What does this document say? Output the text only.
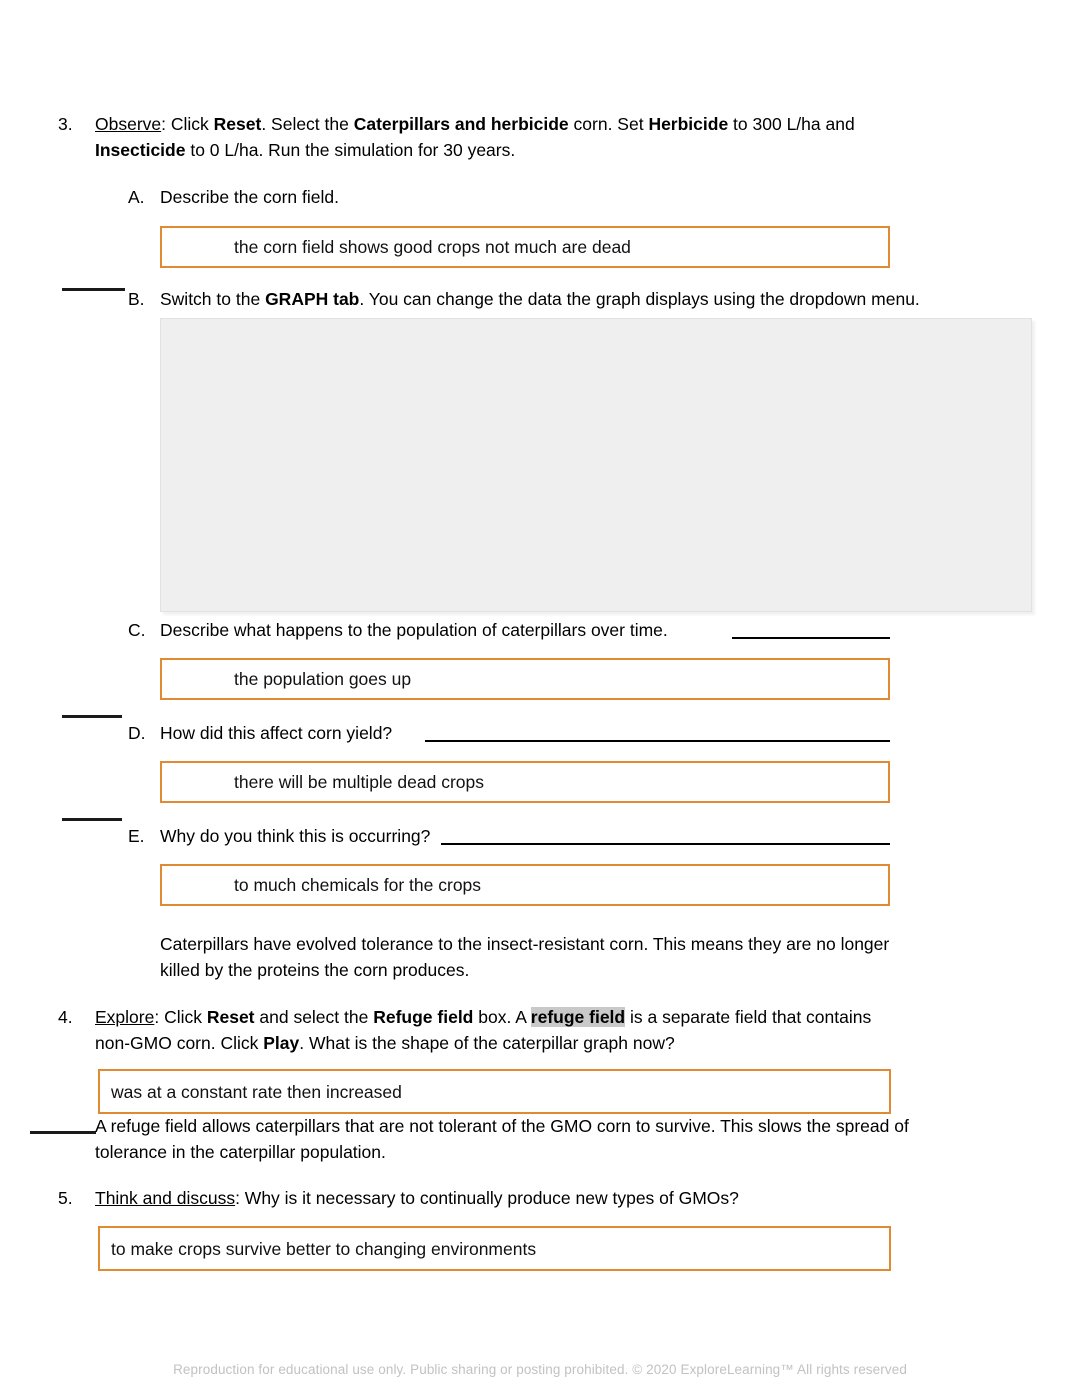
3. Observe: Click Reset. Select the Caterpillars and herbicide corn. Set Herbicide to 300 L/ha and
Insecticide to 0 L/ha. Run the simulation for 30 years.
A. Describe the corn field.
the corn field shows good crops not much are dead
B. Switch to the GRAPH tab. You can change the data the graph displays using the dropdown menu.
C. Describe what happens to the population of caterpillars over time.
the population goes up
D. How did this affect corn yield?
there will be multiple dead crops
E. Why do you think this is occurring?
to much chemicals for the crops
Caterpillars have evolved tolerance to the insect-resistant corn. This means they are no longer
killed by the proteins the corn produces.
4. Explore: Click Reset and select the Refuge field box. A refuge field is a separate field that contains
non-GMO corn. Click Play. What is the shape of the caterpillar graph now?
was at a constant rate then increased
A refuge field allows caterpillars that are not tolerant of the GMO corn to survive. This slows the spread of
tolerance in the caterpillar population.
5. Think and discuss: Why is it necessary to continually produce new types of GMOs?
to make crops survive better to changing environments
Reproduction for educational use only. Public sharing or posting prohibited. © 2020 ExploreLearning™ All rights reserved
